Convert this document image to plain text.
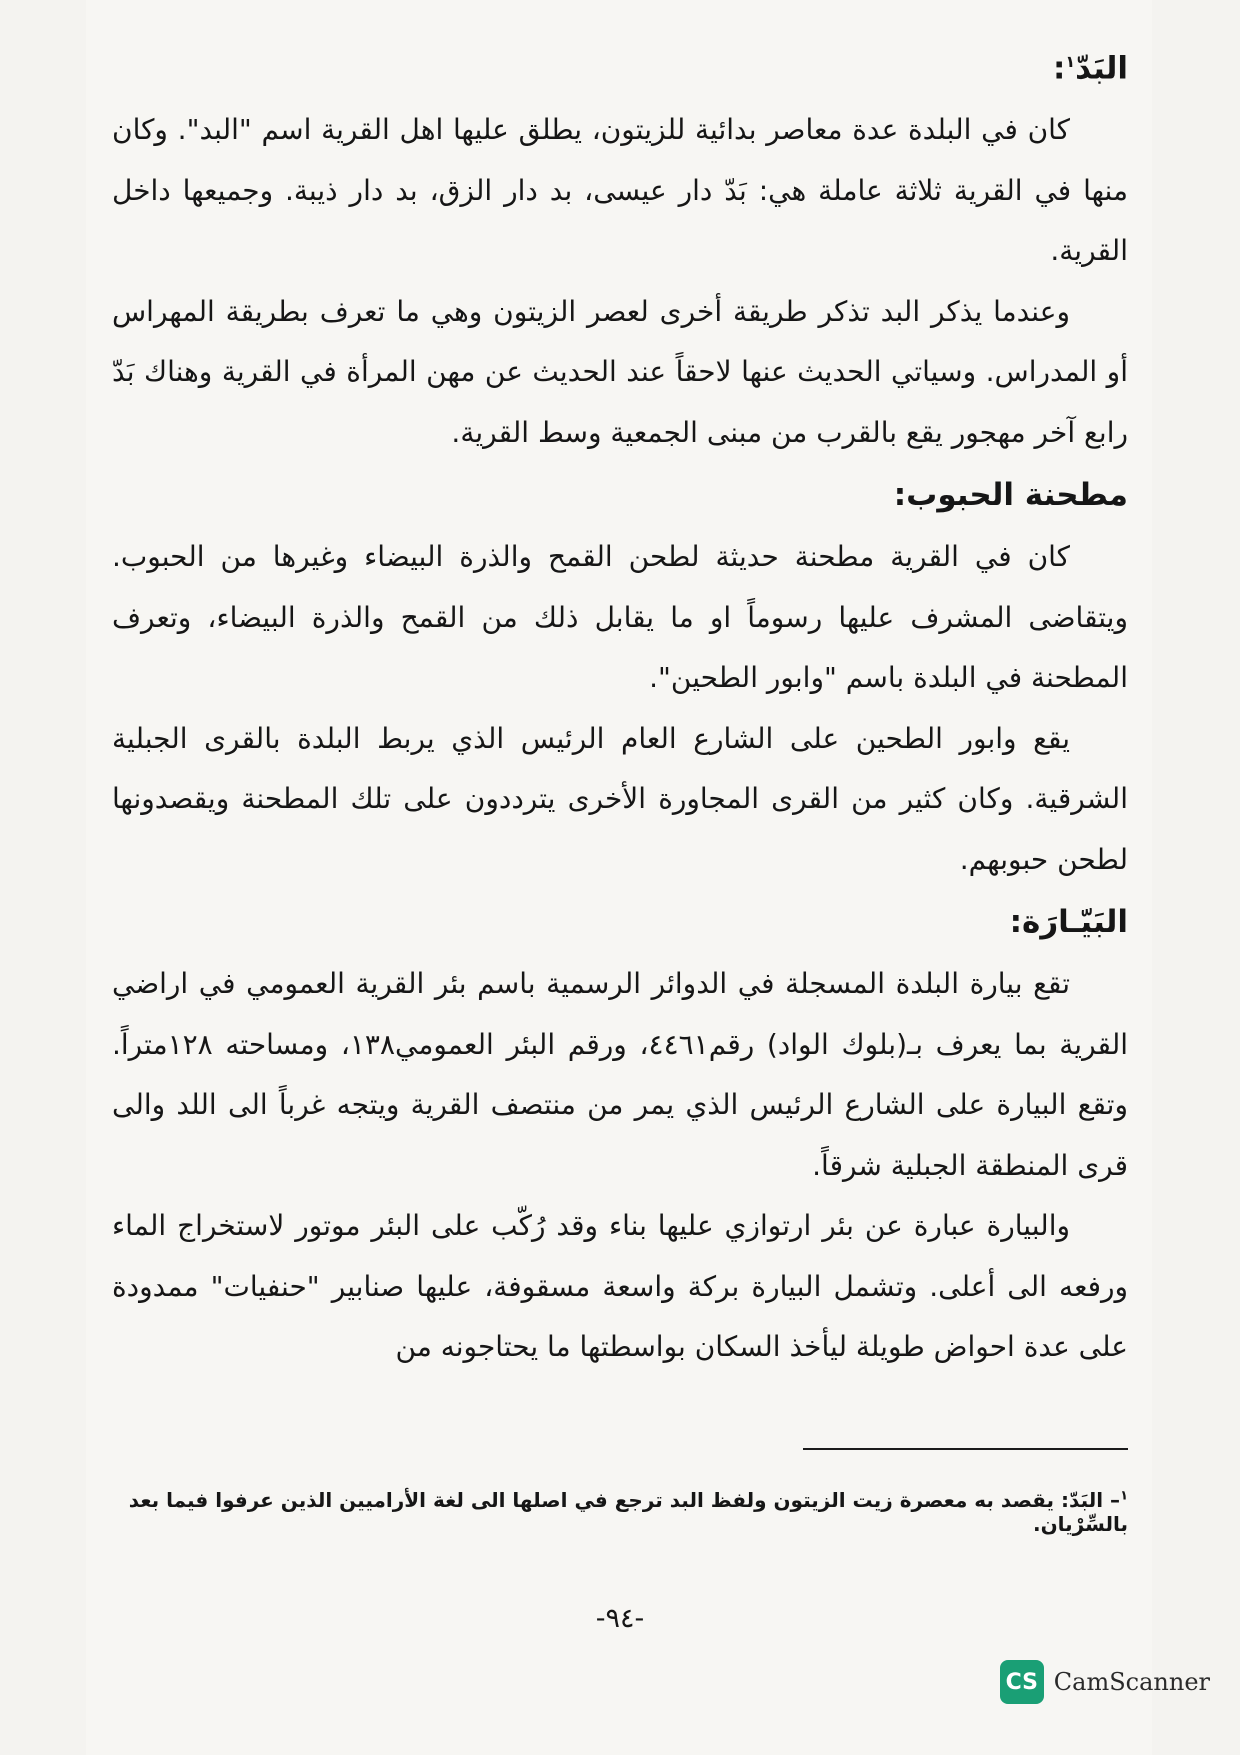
البَدّ$^١$:

كان في البلدة عدة معاصر بدائية للزيتون، يطلق عليها اهل القرية اسم "البد". وكان منها في القرية ثلاثة عاملة هي: بَدّ دار عيسى، بد دار الزق، بد دار ذيبة. وجميعها داخل القرية.

وعندما يذكر البد تذكر طريقة أخرى لعصر الزيتون وهي ما تعرف بطريقة المهراس أو المدراس. وسياتي الحديث عنها لاحقاً عند الحديث عن مهن المرأة في القرية وهناك بَدّ رابع آخر مهجور يقع بالقرب من مبنى الجمعية وسط القرية.

مطحنة الحبوب:

كان في القرية مطحنة حديثة لطحن القمح والذرة البيضاء وغيرها من الحبوب. ويتقاضى المشرف عليها رسوماً او ما يقابل ذلك من القمح والذرة البيضاء، وتعرف المطحنة في البلدة باسم "وابور الطحين".

يقع وابور الطحين على الشارع العام الرئيس الذي يربط البلدة بالقرى الجبلية الشرقية. وكان كثير من القرى المجاورة الأخرى يترددون على تلك المطحنة ويقصدونها لطحن حبوبهم.

البَيّـارَة:

تقع بيارة البلدة المسجلة في الدوائر الرسمية باسم بئر القرية العمومي في اراضي القرية بما يعرف بـ(بلوك الواد) رقم٤٤٦١، ورقم البئر العمومي١٣٨، ومساحته ١٢٨متراً. وتقع البيارة على الشارع الرئيس الذي يمر من منتصف القرية ويتجه غرباً الى اللد والى قرى المنطقة الجبلية شرقاً.

والبيارة عبارة عن بئر ارتوازي عليها بناء وقد رُكّب على البئر موتور لاستخراج الماء ورفعه الى أعلى. وتشمل البيارة بركة واسعة مسقوفة، عليها صنابير "حنفيات" ممدودة على عدة احواض طويلة ليأخذ السكان بواسطتها ما يحتاجونه من

$^١$– البَدّ: يقصد به معصرة زيت الزيتون ولفظ البد ترجع في اصلها الى لغة الأراميين الذين عرفوا فيما بعد بالسِّرْيان.
-٩٤-
CS CamScanner
